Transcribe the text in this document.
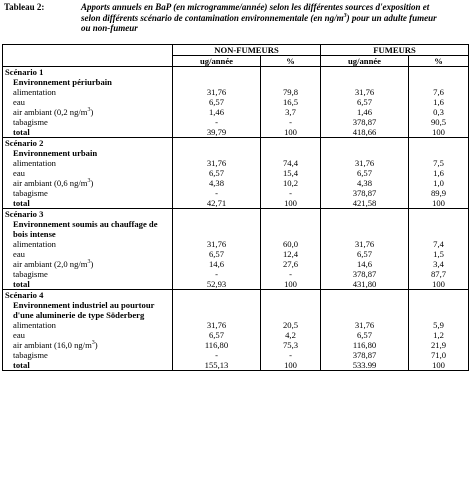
Tableau 2:	Apports annuels en BaP (en microgramme/année) selon les différentes sources d'exposition et
selon différents scénario de contamination environnementale (en $ng/m^3$) pour un adulte fumeur
ou non-fumeur
	NON-FUMEURS		FUMEURS	
	ug/année	%	ug/année	%
Scénario 1				
Environnement périurbain				
alimentation	31,76	79,8	31,76	7,6
eau	6,57	16,5	6,57	1,6
air ambiant (0,2 $ng/m^3$)	1,46	3,7	1,46	0,3
tabagisme	-	-	378,87	90,5
total	39,79	100	418,66	100
Scénario 2				
Environnement urbain				
alimentation	31,76	74,4	31,76	7,5
eau	6,57	15,4	6,57	1,6
air ambiant (0,6 $ng/m^3$)	4,38	10,2	4,38	1,0
tabagisme	-	-	378,87	89,9
total	42,71	100	421,58	100
Scénario 3				
Environnement soumis au chauffage de bois intense				
alimentation	31,76	60,0	31,76	7,4
eau	6,57	12,4	6,57	1,5
air ambiant (2,0 $ng/m^3$)	14,6	27,6	14,6	3,4
tabagisme	-	-	378,87	87,7
total	52,93	100	431,80	100
Scénario 4				
Environnement industriel au pourtour d'une aluminerie de type Söderberg				
alimentation	31,76	20,5	31,76	5,9
eau	6,57	4,2	6,57	1,2
air ambiant (16,0 $ng/m^3$)	116,80	75,3	116,80	21,9
tabagisme	-	-	378,87	71,0
total	155,13	100	533.99	100
